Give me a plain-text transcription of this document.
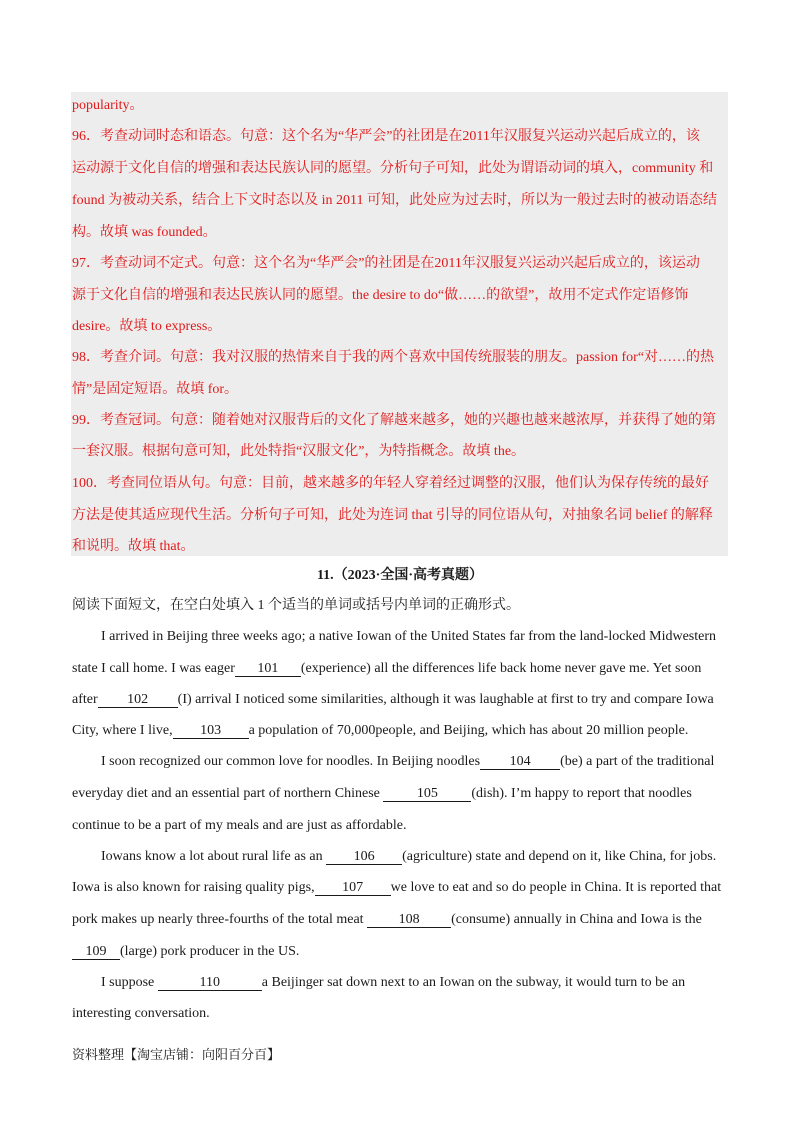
popularity。
96．考查动词时态和语态。句意：这个名为“华严会”的社团是在2011年汉服复兴运动兴起后成立的，该
运动源于文化自信的增强和表达民族认同的愿望。分析句子可知，此处为谓语动词的填入，community 和
found 为被动关系，结合上下文时态以及 in 2011 可知，此处应为过去时，所以为一般过去时的被动语态结
构。故填 was founded。
97．考查动词不定式。句意：这个名为“华严会”的社团是在2011年汉服复兴运动兴起后成立的，该运动
源于文化自信的增强和表达民族认同的愿望。the desire to do“做……的欲望”，故用不定式作定语修饰
desire。故填 to express。
98．考查介词。句意：我对汉服的热情来自于我的两个喜欢中国传统服装的朋友。passion for“对……的热
情”是固定短语。故填 for。
99．考查冠词。句意：随着她对汉服背后的文化了解越来越多，她的兴趣也越来越浓厚，并获得了她的第
一套汉服。根据句意可知，此处特指“汉服文化”，为特指概念。故填 the。
100．考查同位语从句。句意：目前，越来越多的年轻人穿着经过调整的汉服，他们认为保存传统的最好
方法是使其适应现代生活。分析句子可知，此处为连词 that 引导的同位语从句，对抽象名词 belief 的解释
和说明。故填 that。
11.（2023·全国·高考真题）
阅读下面短文，在空白处填入 1 个适当的单词或括号内单词的正确形式。
I arrived in Beijing three weeks ago; a native Iowan of the United States far from the land-locked Midwestern
state I call home. I was eager 101 (experience) all the differences life back home never gave me. Yet soon
after 102 (I) arrival I noticed some similarities, although it was laughable at first to try and compare Iowa
City, where I live, 103 a population of 70,000people, and Beijing, which has about 20 million people.
I soon recognized our common love for noodles. In Beijing noodles 104 (be) a part of the traditional
everyday diet and an essential part of northern Chinese	105 (dish). I’m happy to report that noodles
continue to be a part of my meals and are just as affordable.
Iowans know a lot about rural life as an 106 (agriculture) state and depend on it, like China, for jobs.
Iowa is also known for raising quality pigs, 107 we love to eat and so do people in China. It is reported that
pork makes up nearly three-fourths of the total meat	108 (consume) annually in China and Iowa is the
109 (large) pork producer in the US.
I suppose	110	a Beijinger sat down next to an Iowan on the subway, it would turn to be an
interesting conversation.
资料整理【淘宝店铺：向阳百分百】
